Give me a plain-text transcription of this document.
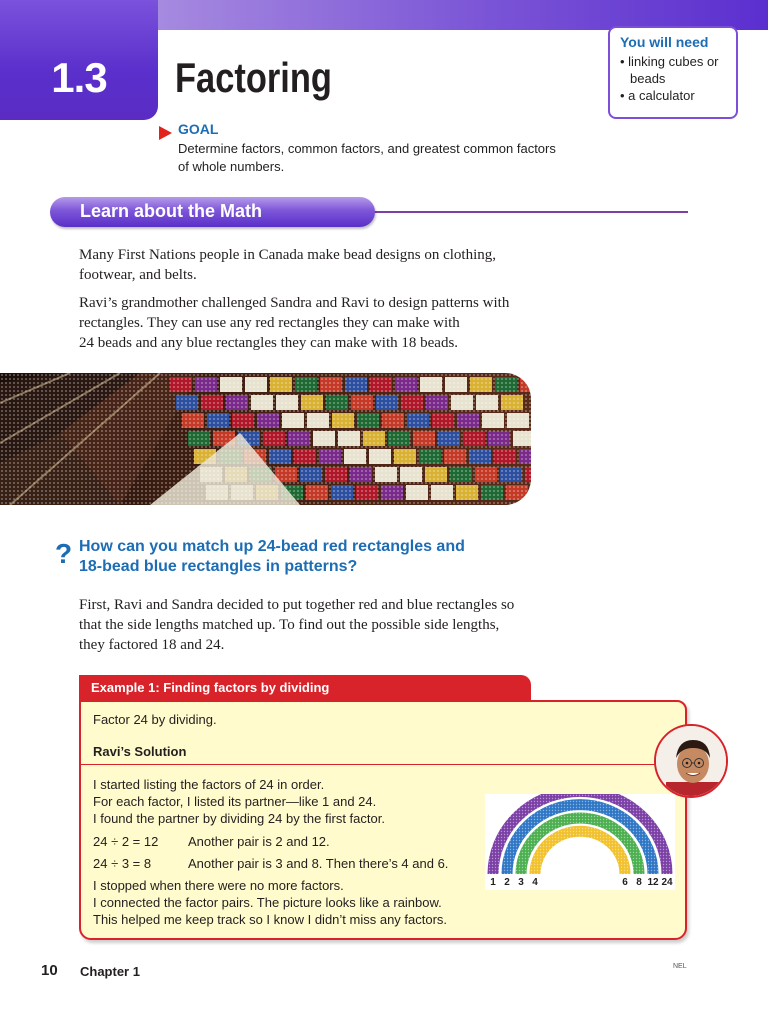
1.3	Factoring
You will need
• linking cubes or beads
• a calculator
GOAL
Determine factors, common factors, and greatest common factors of whole numbers.
Learn about the Math

Many First Nations people in Canada make bead designs on clothing, footwear, and belts.

Ravi’s grandmother challenged Sandra and Ravi to design patterns with
rectangles. They can use any red rectangles they can make with
24 beads and any blue rectangles they can make with 18 beads.

? How can you match up 24-bead red rectangles and
18-bead blue rectangles in patterns?

First, Ravi and Sandra decided to put together red and blue rectangles so
that the side lengths matched up. To find out the possible side lengths,
they factored 18 and 24.

Example 1: Finding factors by dividing
Factor 24 by dividing.
Ravi’s Solution
I started listing the factors of 24 in order.
For each factor, I listed its partner—like 1 and 24.
I found the partner by dividing 24 by the first factor.
24 ÷ 2 = 12 Another pair is 2 and 12.
24 ÷ 3 = 8	Another pair is 3 and 8. Then there’s 4 and 6.
I stopped when there were no more factors.
I connected the factor pairs. The picture looks like a rainbow.
This helped me keep track so I know I didn’t miss any factors.
1 2 3 4	6 8 12 24
10 Chapter 1	NEL
